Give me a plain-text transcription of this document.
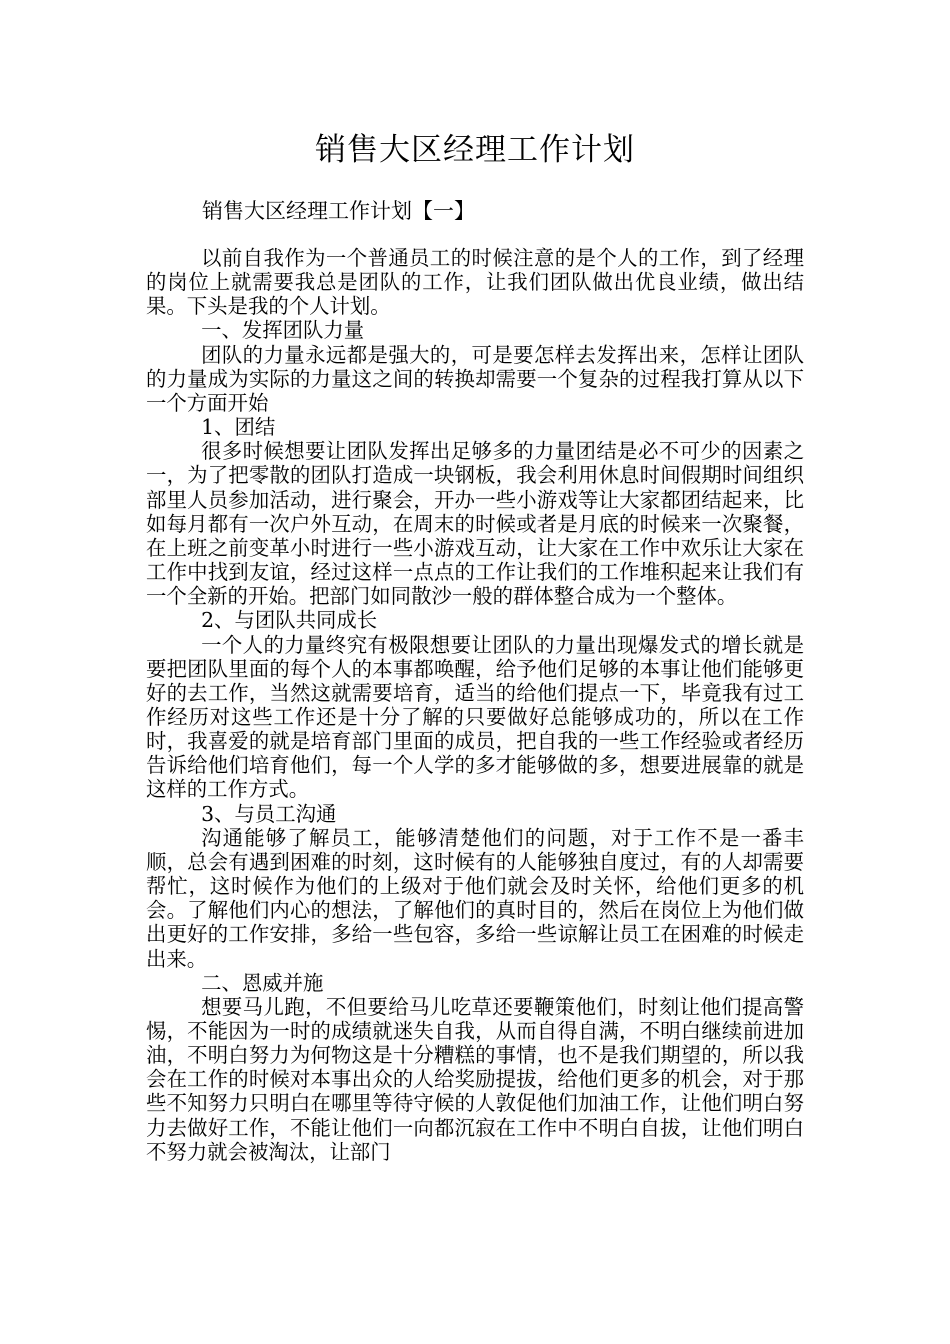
销售大区经理工作计划

销售大区经理工作计划【一】

以前自我作为一个普通员工的时候注意的是个人的工作，到了经理的岗位上就需要我总是团队的工作，让我们团队做出优良业绩，做出结果。下头是我的个人计划。

一、发挥团队力量

团队的力量永远都是强大的，可是要怎样去发挥出来，怎样让团队的力量成为实际的力量这之间的转换却需要一个复杂的过程我打算从以下一个方面开始

1、团结

很多时候想要让团队发挥出足够多的力量团结是必不可少的因素之一，为了把零散的团队打造成一块钢板，我会利用休息时间假期时间组织部里人员参加活动，进行聚会，开办一些小游戏等让大家都团结起来，比如每月都有一次户外互动，在周末的时候或者是月底的时候来一次聚餐，在上班之前变革小时进行一些小游戏互动，让大家在工作中欢乐让大家在工作中找到友谊，经过这样一点点的工作让我们的工作堆积起来让我们有一个全新的开始。把部门如同散沙一般的群体整合成为一个整体。

2、与团队共同成长

一个人的力量终究有极限想要让团队的力量出现爆发式的增长就是要把团队里面的每个人的本事都唤醒，给予他们足够的本事让他们能够更好的去工作，当然这就需要培育，适当的给他们提点一下，毕竟我有过工作经历对这些工作还是十分了解的只要做好总能够成功的，所以在工作时，我喜爱的就是培育部门里面的成员，把自我的一些工作经验或者经历告诉给他们培育他们，每一个人学的多才能够做的多，想要进展靠的就是这样的工作方式。

3、与员工沟通

沟通能够了解员工，能够清楚他们的问题，对于工作不是一番丰顺，总会有遇到困难的时刻，这时候有的人能够独自度过，有的人却需要帮忙，这时候作为他们的上级对于他们就会及时关怀，给他们更多的机会。了解他们内心的想法，了解他们的真时目的，然后在岗位上为他们做出更好的工作安排，多给一些包容，多给一些谅解让员工在困难的时候走出来。

二、恩威并施

想要马儿跑，不但要给马儿吃草还要鞭策他们，时刻让他们提高警惕，不能因为一时的成绩就迷失自我，从而自得自满，不明白继续前进加油，不明白努力为何物这是十分糟糕的事情，也不是我们期望的，所以我会在工作的时候对本事出众的人给奖励提拔，给他们更多的机会，对于那些不知努力只明白在哪里等待守候的人敦促他们加油工作，让他们明白努力去做好工作，不能让他们一向都沉寂在工作中不明白自拔，让他们明白不努力就会被淘汰，让部门
